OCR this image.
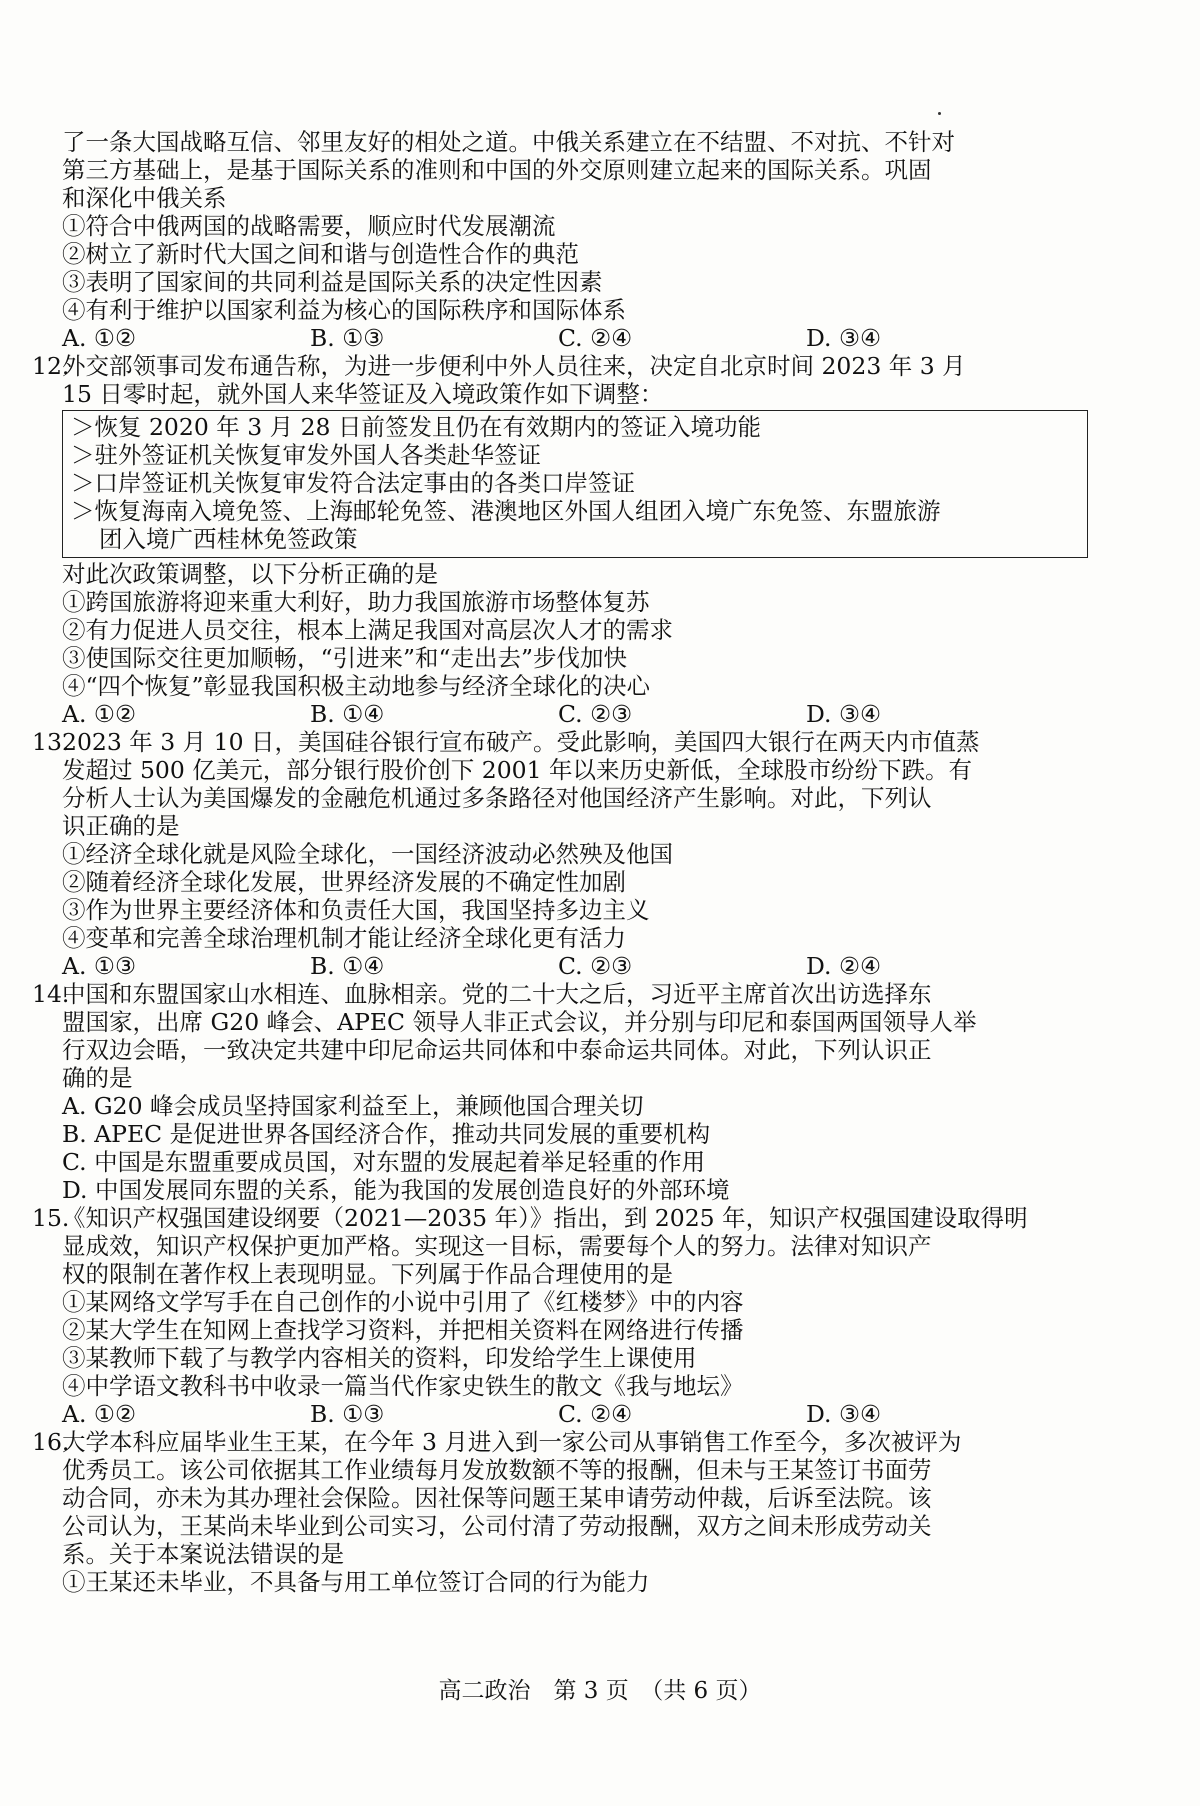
了一条大国战略互信、邻里友好的相处之道。中俄关系建立在不结盟、不对抗、不针对
第三方基础上，是基于国际关系的准则和中国的外交原则建立起来的国际关系。巩固
和深化中俄关系
①符合中俄两国的战略需要，顺应时代发展潮流
②树立了新时代大国之间和谐与创造性合作的典范
③表明了国家间的共同利益是国际关系的决定性因素
④有利于维护以国家利益为核心的国际秩序和国际体系
A. ①②	B. ①③	C. ②④	D. ③④
12.
外交部领事司发布通告称，为进一步便利中外人员往来，决定自北京时间 2023 年 3 月
15 日零时起，就外国人来华签证及入境政策作如下调整：
＞恢复 2020 年 3 月 28 日前签发且仍在有效期内的签证入境功能
＞驻外签证机关恢复审发外国人各类赴华签证
＞口岸签证机关恢复审发符合法定事由的各类口岸签证
＞恢复海南入境免签、上海邮轮免签、港澳地区外国人组团入境广东免签、东盟旅游
团入境广西桂林免签政策
对此次政策调整，以下分析正确的是
①跨国旅游将迎来重大利好，助力我国旅游市场整体复苏
②有力促进人员交往，根本上满足我国对高层次人才的需求
③使国际交往更加顺畅，“引进来”和“走出去”步伐加快
④“四个恢复”彰显我国积极主动地参与经济全球化的决心
A. ①②	B. ①④	C. ②③	D. ③④
13.
2023 年 3 月 10 日，美国硅谷银行宣布破产。受此影响，美国四大银行在两天内市值蒸
发超过 500 亿美元，部分银行股价创下 2001 年以来历史新低，全球股市纷纷下跌。有
分析人士认为美国爆发的金融危机通过多条路径对他国经济产生影响。对此，下列认
识正确的是
①经济全球化就是风险全球化，一国经济波动必然殃及他国
②随着经济全球化发展，世界经济发展的不确定性加剧
③作为世界主要经济体和负责任大国，我国坚持多边主义
④变革和完善全球治理机制才能让经济全球化更有活力
A. ①③	B. ①④	C. ②③	D. ②④
14.
中国和东盟国家山水相连、血脉相亲。党的二十大之后，习近平主席首次出访选择东
盟国家，出席 G20 峰会、APEC 领导人非正式会议，并分别与印尼和泰国两国领导人举
行双边会晤，一致决定共建中印尼命运共同体和中泰命运共同体。对此，下列认识正
确的是
A. G20 峰会成员坚持国家利益至上，兼顾他国合理关切
B. APEC 是促进世界各国经济合作，推动共同发展的重要机构
C. 中国是东盟重要成员国，对东盟的发展起着举足轻重的作用
D. 中国发展同东盟的关系，能为我国的发展创造良好的外部环境
15.
《知识产权强国建设纲要（2021—2035 年）》指出，到 2025 年，知识产权强国建设取得明
显成效，知识产权保护更加严格。实现这一目标，需要每个人的努力。法律对知识产
权的限制在著作权上表现明显。下列属于作品合理使用的是
①某网络文学写手在自己创作的小说中引用了《红楼梦》中的内容
②某大学生在知网上查找学习资料，并把相关资料在网络进行传播
③某教师下载了与教学内容相关的资料，印发给学生上课使用
④中学语文教科书中收录一篇当代作家史铁生的散文《我与地坛》
A. ①②	B. ①③	C. ②④	D. ③④
16.
大学本科应届毕业生王某，在今年 3 月进入到一家公司从事销售工作至今，多次被评为
优秀员工。该公司依据其工作业绩每月发放数额不等的报酬，但未与王某签订书面劳
动合同，亦未为其办理社会保险。因社保等问题王某申请劳动仲裁，后诉至法院。该
公司认为，王某尚未毕业到公司实习，公司付清了劳动报酬，双方之间未形成劳动关
系。关于本案说法错误的是
①王某还未毕业，不具备与用工单位签订合同的行为能力
高二政治　第 3 页　（共 6 页）
